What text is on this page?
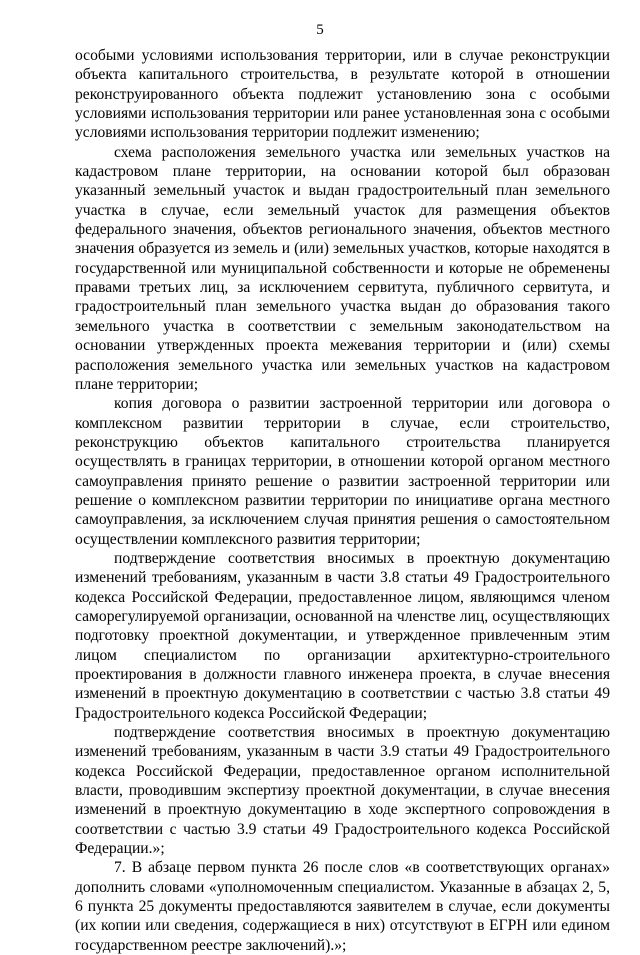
5

особыми условиями использования территории, или в случае реконструкции объекта капитального строительства, в результате которой в отношении реконструированного объекта подлежит установлению зона с особыми условиями использования территории или ранее установленная зона с особыми условиями использования территории подлежит изменению;

схема расположения земельного участка или земельных участков на кадастровом плане территории, на основании которой был образован указанный земельный участок и выдан градостроительный план земельного участка в случае, если земельный участок для размещения объектов федерального значения, объектов регионального значения, объектов местного значения образуется из земель и (или) земельных участков, которые находятся в государственной или муниципальной собственности и которые не обременены правами третьих лиц, за исключением сервитута, публичного сервитута, и градостроительный план земельного участка выдан до образования такого земельного участка в соответствии с земельным законодательством на основании утвержденных проекта межевания территории и (или) схемы расположения земельного участка или земельных участков на кадастровом плане территории;

копия договора о развитии застроенной территории или договора о комплексном развитии территории в случае, если строительство, реконструкцию объектов капитального строительства планируется осуществлять в границах территории, в отношении которой органом местного самоуправления принято решение о развитии застроенной территории или решение о комплексном развитии территории по инициативе органа местного самоуправления, за исключением случая принятия решения о самостоятельном осуществлении комплексного развития территории;

подтверждение соответствия вносимых в проектную документацию изменений требованиям, указанным в части 3.8 статьи 49 Градостроительного кодекса Российской Федерации, предоставленное лицом, являющимся членом саморегулируемой организации, основанной на членстве лиц, осуществляющих подготовку проектной документации, и утвержденное привлеченным этим лицом специалистом по организации архитектурно-строительного проектирования в должности главного инженера проекта, в случае внесения изменений в проектную документацию в соответствии с частью 3.8 статьи 49 Градостроительного кодекса Российской Федерации;

подтверждение соответствия вносимых в проектную документацию изменений требованиям, указанным в части 3.9 статьи 49 Градостроительного кодекса Российской Федерации, предоставленное органом исполнительной власти, проводившим экспертизу проектной документации, в случае внесения изменений в проектную документацию в ходе экспертного сопровождения в соответствии с частью 3.9 статьи 49 Градостроительного кодекса Российской Федерации.»;

7. В абзаце первом пункта 26 после слов «в соответствующих органах» дополнить словами «уполномоченным специалистом. Указанные в абзацах 2, 5, 6 пункта 25 документы предоставляются заявителем в случае, если документы (их копии или сведения, содержащиеся в них) отсутствуют в ЕГРН или едином государственном реестре заключений).»;
